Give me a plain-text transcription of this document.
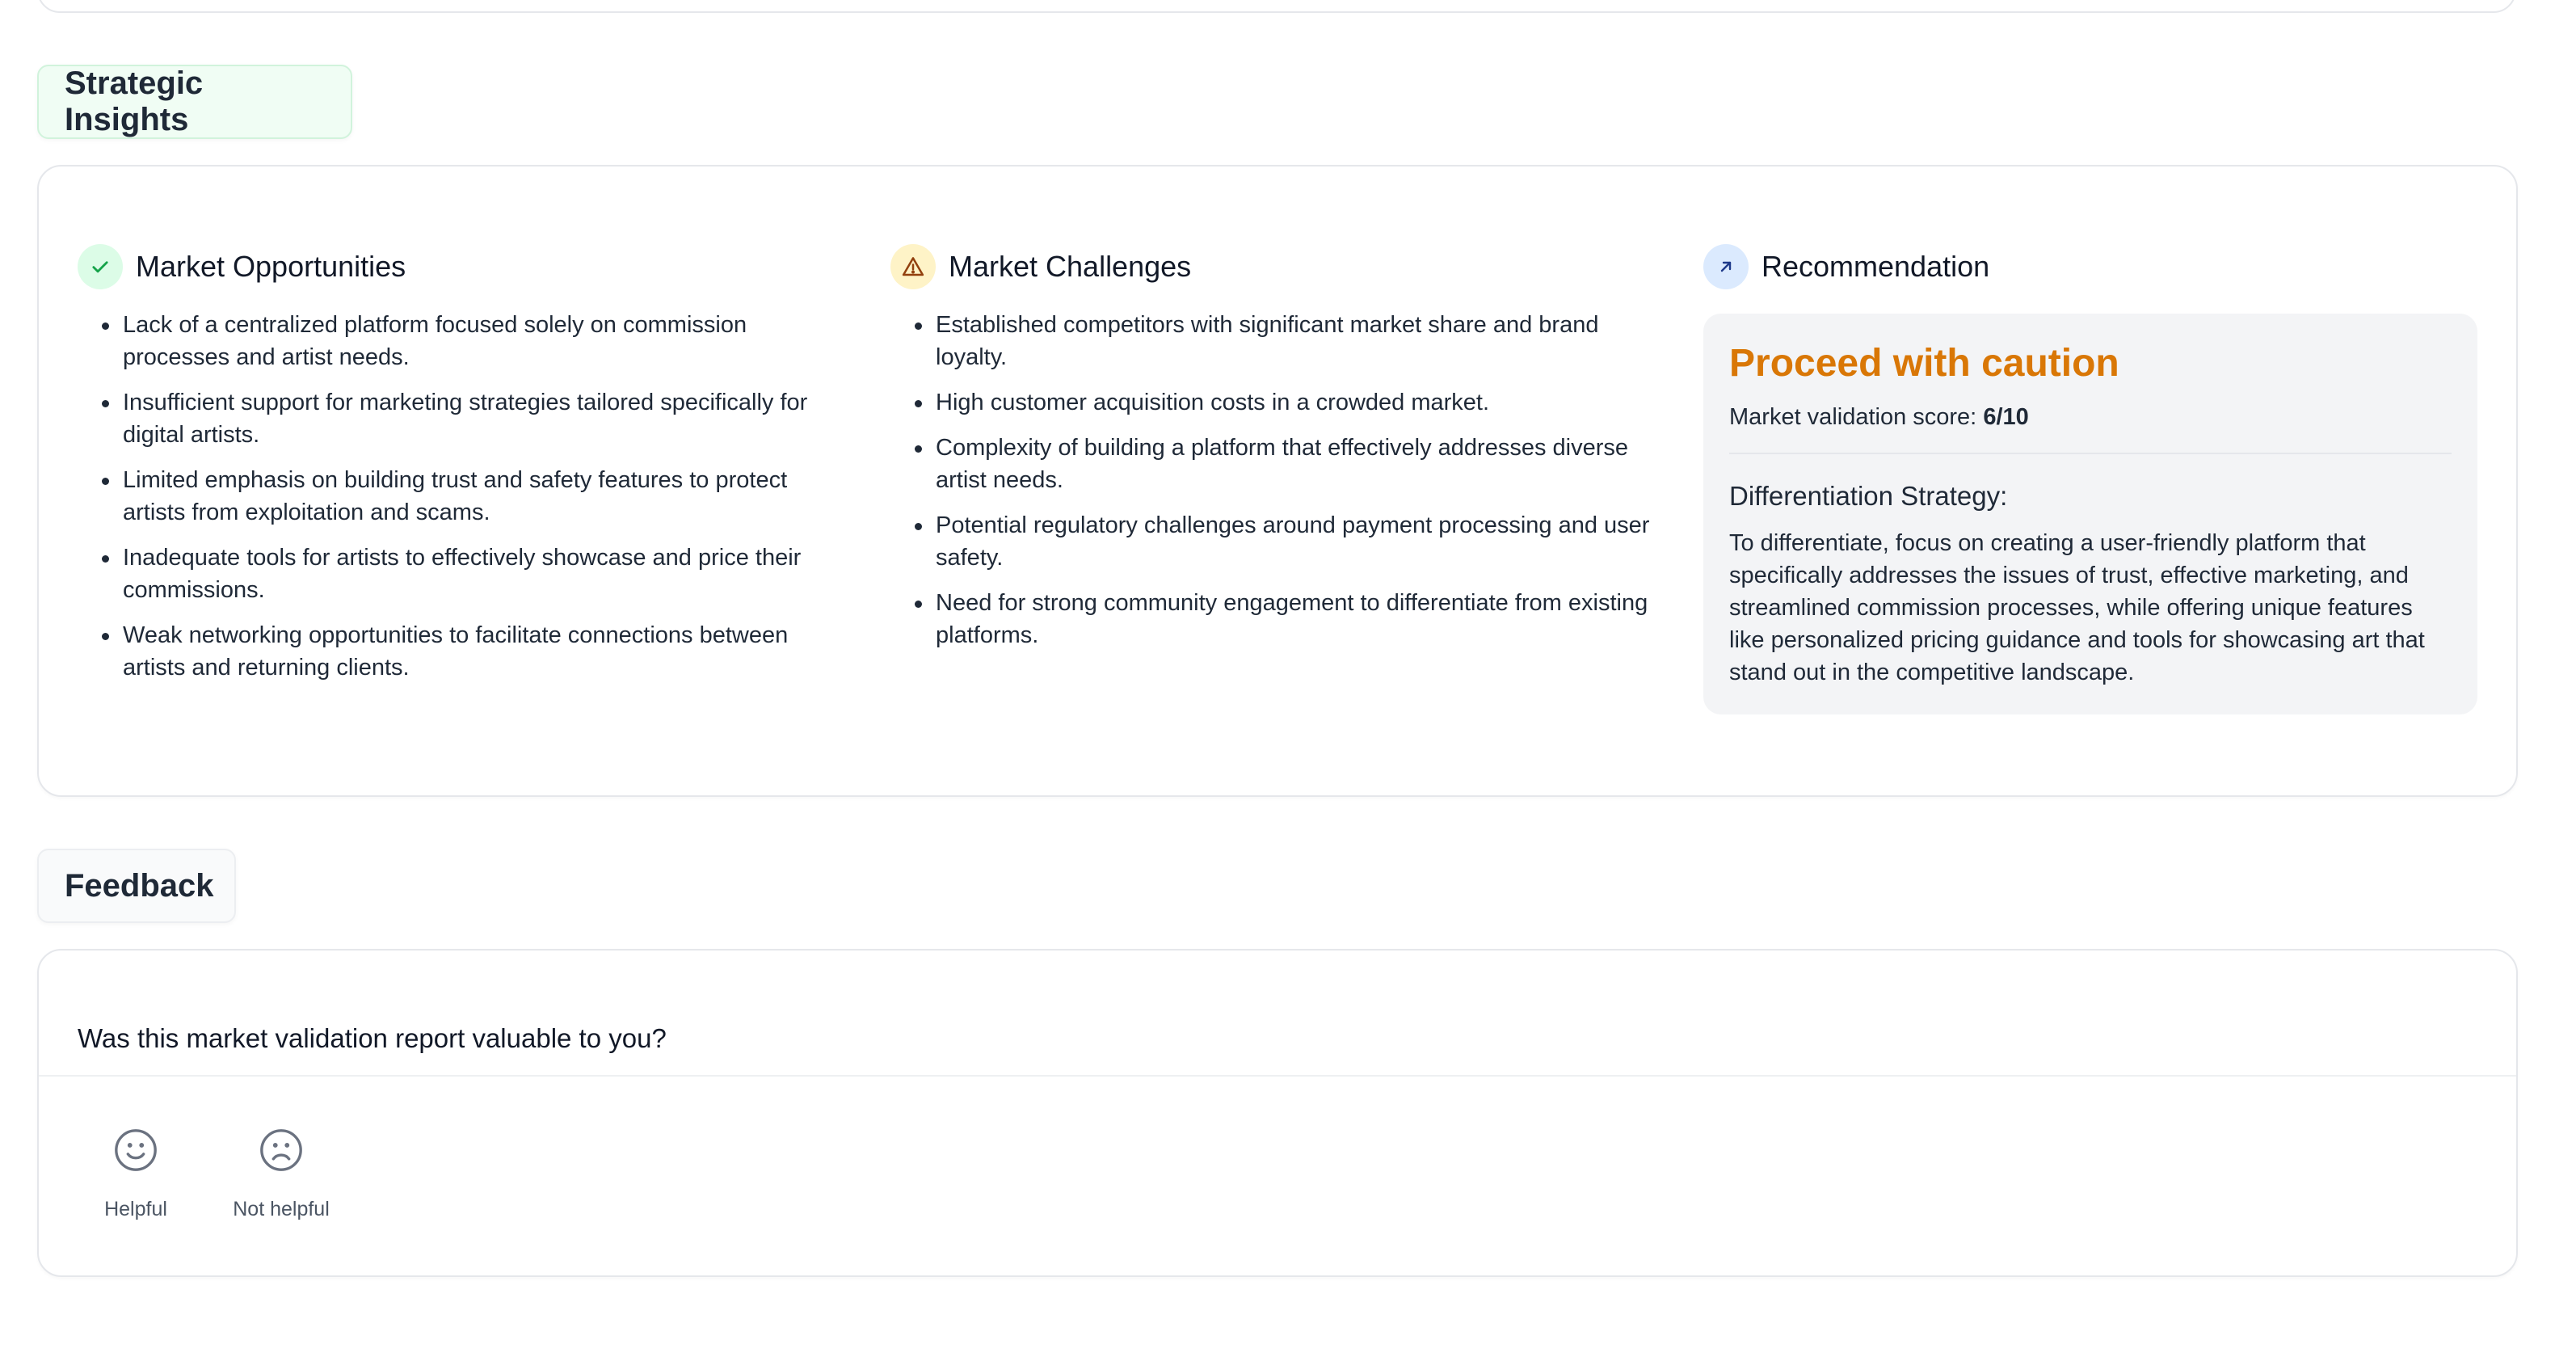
Strategic Insights
Market Opportunities
Lack of a centralized platform focused solely on commission processes and artist needs.
Insufficient support for marketing strategies tailored specifically for digital artists.
Limited emphasis on building trust and safety features to protect artists from exploitation and scams.
Inadequate tools for artists to effectively showcase and price their commissions.
Weak networking opportunities to facilitate connections between artists and returning clients.
Market Challenges
Established competitors with significant market share and brand loyalty.
High customer acquisition costs in a crowded market.
Complexity of building a platform that effectively addresses diverse artist needs.
Potential regulatory challenges around payment processing and user safety.
Need for strong community engagement to differentiate from existing platforms.
Recommendation
Proceed with caution
Market validation score: 6/10
Differentiation Strategy:
To differentiate, focus on creating a user-friendly platform that specifically addresses the issues of trust, effective marketing, and streamlined commission processes, while offering unique features like personalized pricing guidance and tools for showcasing art that stand out in the competitive landscape.
Feedback
Was this market validation report valuable to you?
Helpful	Not helpful
